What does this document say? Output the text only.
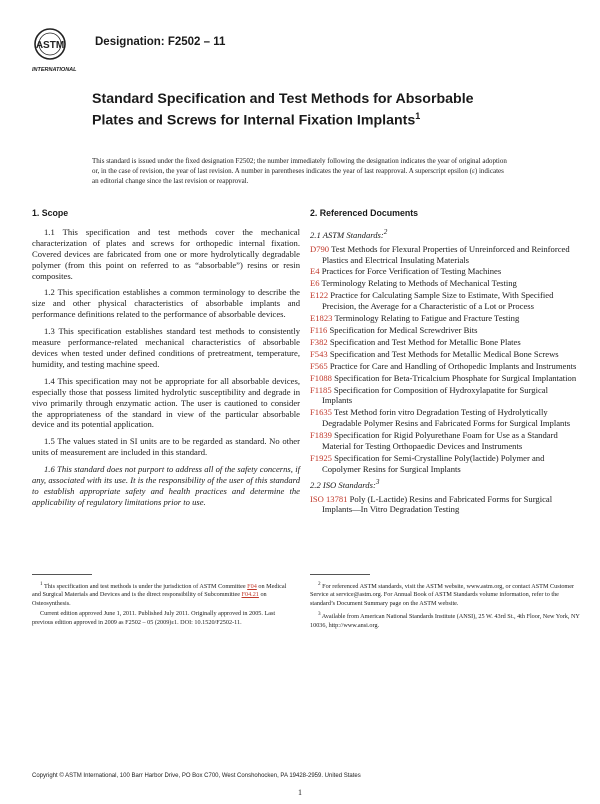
ASTM
INTERNATIONAL
Designation: F2502 – 11
Standard Specification and Test Methods for Absorbable Plates and Screws for Internal Fixation Implants$^1$
This standard is issued under the fixed designation F2502; the number immediately following the designation indicates the year of original adoption or, in the case of revision, the year of last revision. A number in parentheses indicates the year of last reapproval. A superscript epsilon (ε) indicates an editorial change since the last revision or reapproval.
1. Scope

1.1 This specification and test methods cover the mechanical characterization of plates and screws for orthopedic internal fixation. Covered devices are fabricated from one or more hydrolytically degradable polymer (from this point on referred to as “absorbable”) resins or resin composites.

1.2 This specification establishes a common terminology to describe the size and other physical characteristics of absorbable implants and performance definitions related to the performance of absorbable devices.

1.3 This specification establishes standard test methods to consistently measure performance-related mechanical characteristics of absorbable devices when tested under defined conditions of pretreatment, temperature, humidity, and testing machine speed.

1.4 This specification may not be appropriate for all absorbable devices, especially those that possess limited hydrolytic susceptibility and degrade in vivo primarily through enzymatic action. The user is cautioned to consider the appropriateness of the standard in view of the particular absorbable device and its potential application.

1.5 The values stated in SI units are to be regarded as standard. No other units of measurement are included in this standard.

1.6 This standard does not purport to address all of the safety concerns, if any, associated with its use. It is the responsibility of the user of this standard to establish appropriate safety and health practices and determine the applicability of regulatory limitations prior to use.

2. Referenced Documents
2.1 ASTM Standards:$^2$
D790 Test Methods for Flexural Properties of Unreinforced and Reinforced Plastics and Electrical Insulating Materials
E4 Practices for Force Verification of Testing Machines
E6 Terminology Relating to Methods of Mechanical Testing
E122 Practice for Calculating Sample Size to Estimate, With Specified Precision, the Average for a Characteristic of a Lot or Process
E1823 Terminology Relating to Fatigue and Fracture Testing
F116 Specification for Medical Screwdriver Bits
F382 Specification and Test Method for Metallic Bone Plates
F543 Specification and Test Methods for Metallic Medical Bone Screws
F565 Practice for Care and Handling of Orthopedic Implants and Instruments
F1088 Specification for Beta-Tricalcium Phosphate for Surgical Implantation
F1185 Specification for Composition of Hydroxylapatite for Surgical Implants
F1635 Test Method forin vitro Degradation Testing of Hydrolytically Degradable Polymer Resins and Fabricated Forms for Surgical Implants
F1839 Specification for Rigid Polyurethane Foam for Use as a Standard Material for Testing Orthopaedic Devices and Instruments
F1925 Specification for Semi-Crystalline Poly(lactide) Polymer and Copolymer Resins for Surgical Implants
2.2 ISO Standards:$^3$
ISO 13781 Poly (L-Lactide) Resins and Fabricated Forms for Surgical Implants—In Vitro Degradation Testing

$^1$ This specification and test methods is under the jurisdiction of ASTM Committee F04 on Medical and Surgical Materials and Devices and is the direct responsibility of Subcommittee F04.21 on Osteosynthesis.

Current edition approved June 1, 2011. Published July 2011. Originally approved in 2005. Last previous edition approved in 2009 as F2502 – 05 (2009)ε1. DOI: 10.1520/F2502-11.

$^2$ For referenced ASTM standards, visit the ASTM website, www.astm.org, or contact ASTM Customer Service at service@astm.org. For Annual Book of ASTM Standards volume information, refer to the standard’s Document Summary page on the ASTM website.

$^3$ Available from American National Standards Institute (ANSI), 25 W. 43rd St., 4th Floor, New York, NY 10036, http://www.ansi.org.

Copyright © ASTM International, 100 Barr Harbor Drive, PO Box C700, West Conshohocken, PA 19428-2959. United States
1
